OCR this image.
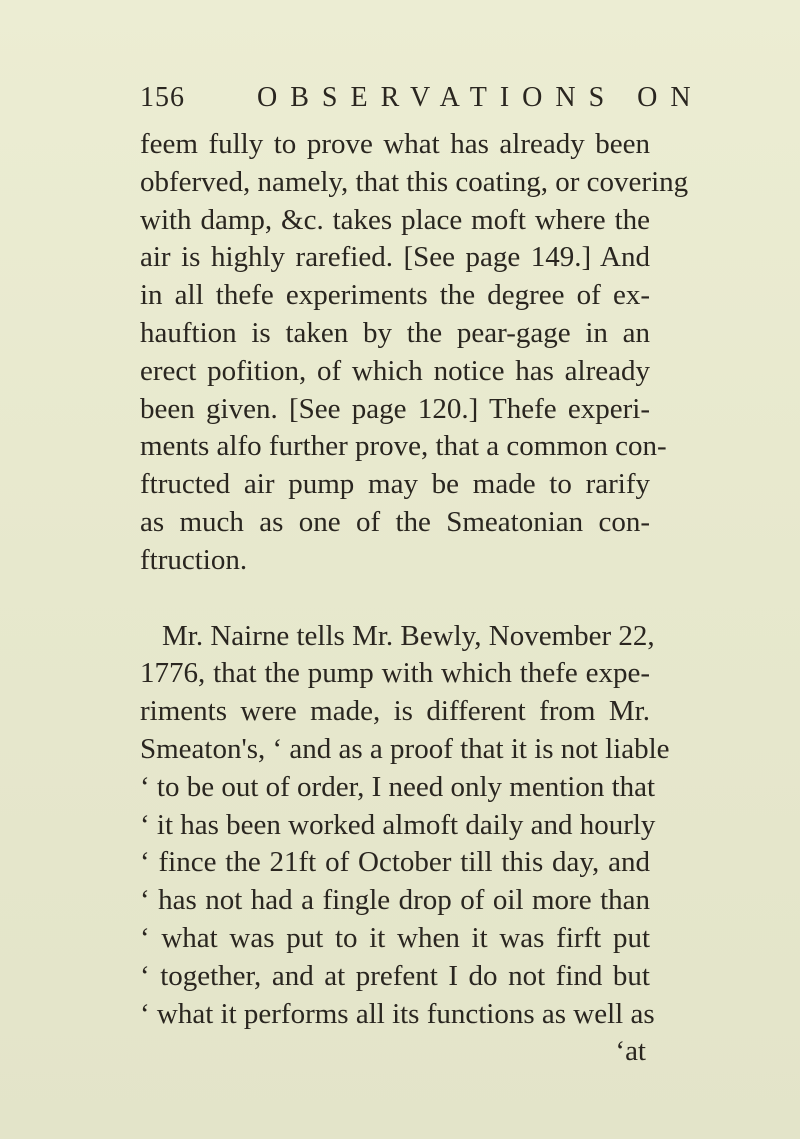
156	OBSERVATIONS ON
feem fully to prove what has already been
obferved, namely, that this coating, or covering
with damp, &c. takes place moft where the
air is highly rarefied. [See page 149.] And
in all thefe experiments the degree of ex-
hauftion is taken by the pear-gage in an
erect pofition, of which notice has already
been given. [See page 120.] Thefe experi-
ments alfo further prove, that a common con-
ftructed air pump may be made to rarify
as much as one of the Smeatonian con-
ftruction.
Mr. Nairne tells Mr. Bewly, November 22,
1776, that the pump with which thefe expe-
riments were made, is different from Mr.
Smeaton's, ‘ and as a proof that it is not liable
‘ to be out of order, I need only mention that
‘ it has been worked almoft daily and hourly
‘ fince the 21ft of October till this day, and
‘ has not had a fingle drop of oil more than
‘ what was put to it when it was firft put
‘ together, and at prefent I do not find but
‘ what it performs all its functions as well as
‘at
